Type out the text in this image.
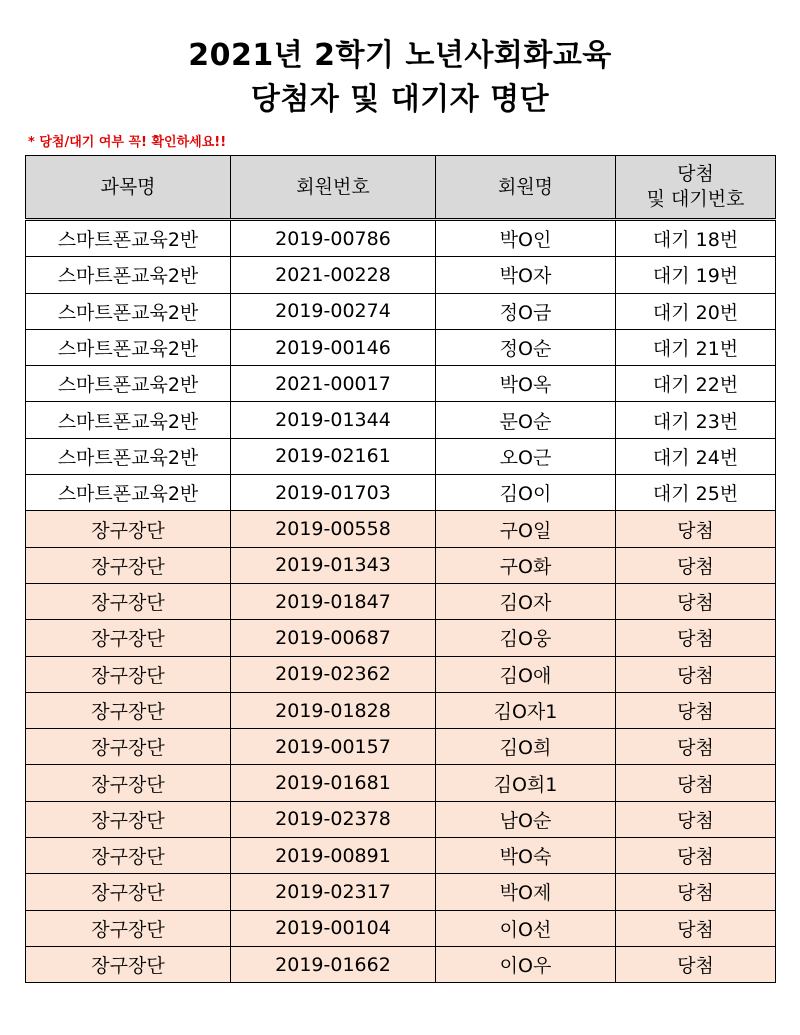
2021년 2학기 노년사회화교육
당첨자 및 대기자 명단
* 당첨/대기 여부 꼭! 확인하세요!!
과목명	회원번호	회원명	당첨
및 대기번호
스마트폰교육2반	2019-00786	박O인	대기 18번
스마트폰교육2반	2021-00228	박O자	대기 19번
스마트폰교육2반	2019-00274	정O금	대기 20번
스마트폰교육2반	2019-00146	정O순	대기 21번
스마트폰교육2반	2021-00017	박O옥	대기 22번
스마트폰교육2반	2019-01344	문O순	대기 23번
스마트폰교육2반	2019-02161	오O근	대기 24번
스마트폰교육2반	2019-01703	김O이	대기 25번
장구장단	2019-00558	구O일	당첨
장구장단	2019-01343	구O화	당첨
장구장단	2019-01847	김O자	당첨
장구장단	2019-00687	김O웅	당첨
장구장단	2019-02362	김O애	당첨
장구장단	2019-01828	김O자1	당첨
장구장단	2019-00157	김O희	당첨
장구장단	2019-01681	김O희1	당첨
장구장단	2019-02378	남O순	당첨
장구장단	2019-00891	박O숙	당첨
장구장단	2019-02317	박O제	당첨
장구장단	2019-00104	이O선	당첨
장구장단	2019-01662	이O우	당첨
